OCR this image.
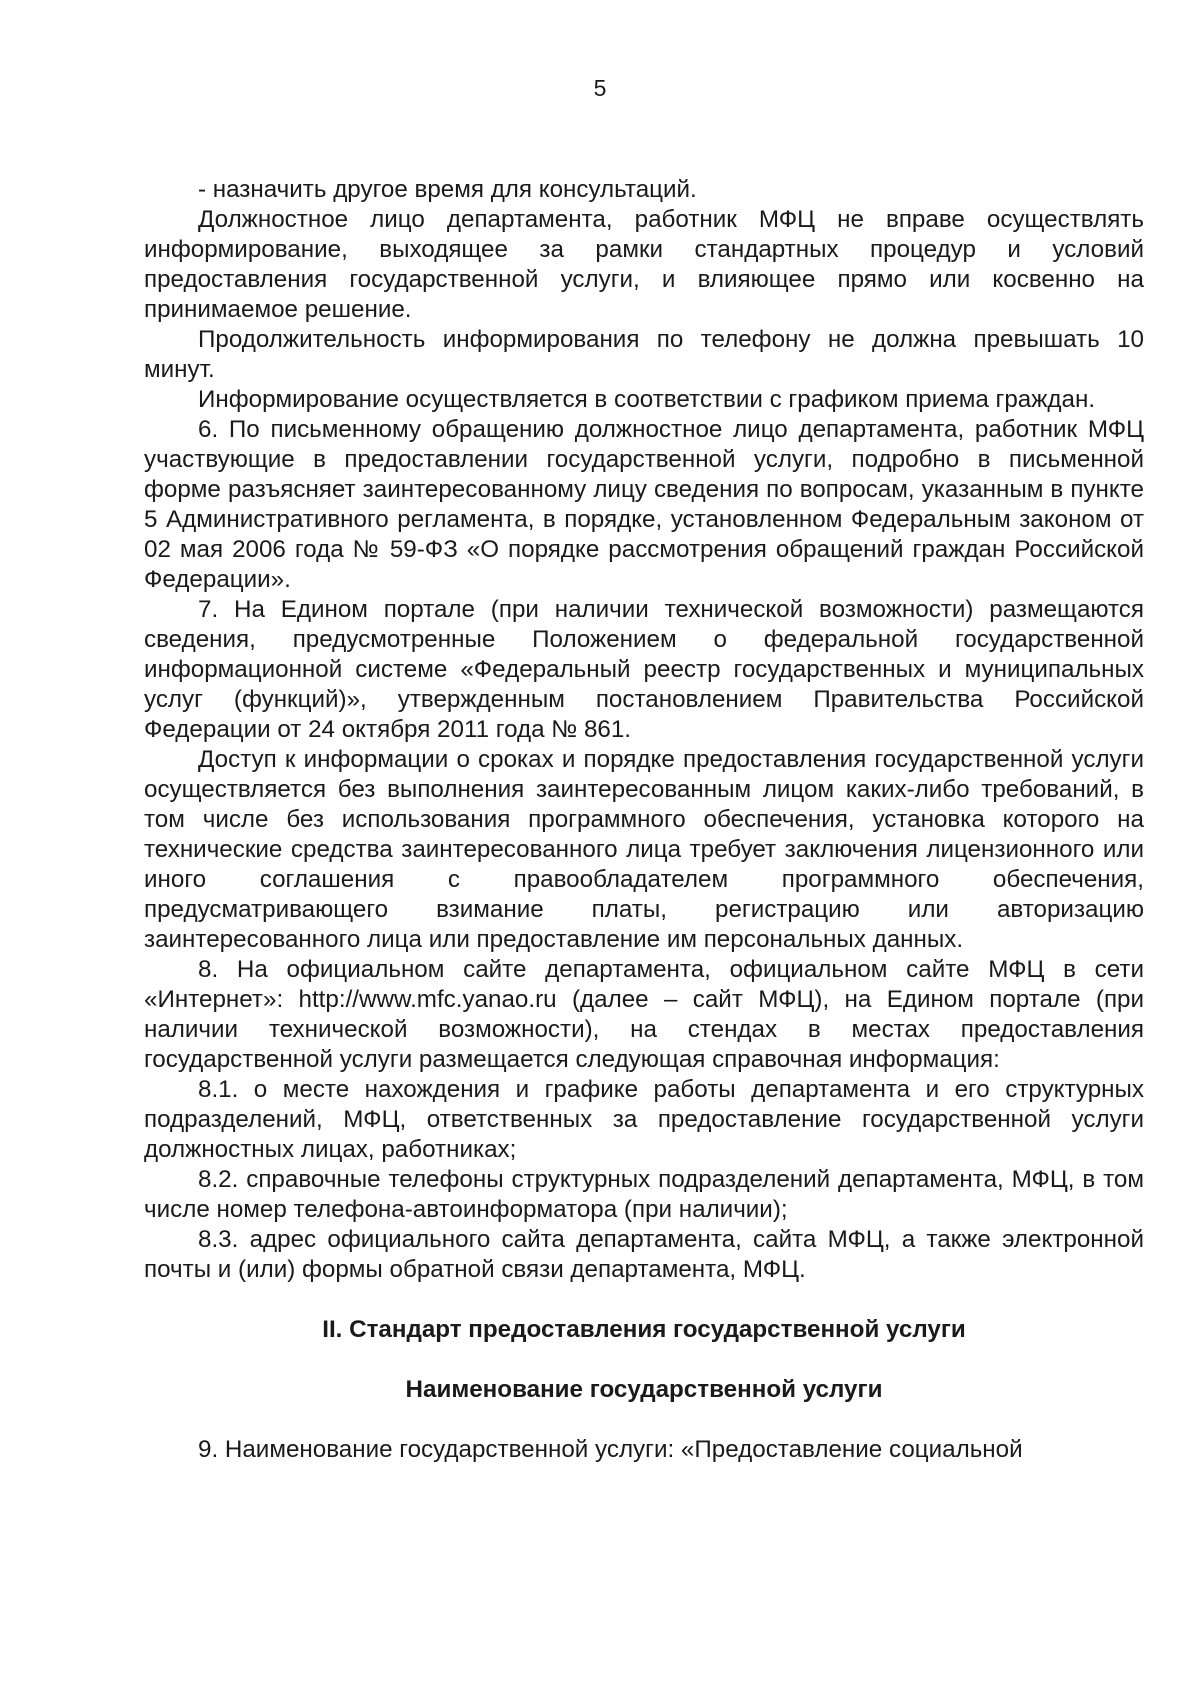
5

- назначить другое время для консультаций.

Должностное лицо департамента, работник МФЦ не вправе осуществлять информирование, выходящее за рамки стандартных процедур и условий предоставления государственной услуги, и влияющее прямо или косвенно на принимаемое решение.

Продолжительность информирования по телефону не должна превышать 10 минут.

Информирование осуществляется в соответствии с графиком приема граждан.

6. По письменному обращению должностное лицо департамента, работник МФЦ участвующие в предоставлении государственной услуги, подробно в письменной форме разъясняет заинтересованному лицу сведения по вопросам, указанным в пункте 5 Административного регламента, в порядке, установленном Федеральным законом от 02 мая 2006 года № 59-ФЗ «О порядке рассмотрения обращений граждан Российской Федерации».

7. На Едином портале (при наличии технической возможности) размещаются сведения, предусмотренные Положением о федеральной государственной информационной системе «Федеральный реестр государственных и муниципальных услуг (функций)», утвержденным постановлением Правительства Российской Федерации от 24 октября 2011 года № 861.

Доступ к информации о сроках и порядке предоставления государственной услуги осуществляется без выполнения заинтересованным лицом каких-либо требований, в том числе без использования программного обеспечения, установка которого на технические средства заинтересованного лица требует заключения лицензионного или иного соглашения с правообладателем программного обеспечения, предусматривающего взимание платы, регистрацию или авторизацию заинтересованного лица или предоставление им персональных данных.

8. На официальном сайте департамента, официальном сайте МФЦ в сети «Интернет»: http://www.mfc.yanao.ru (далее – сайт МФЦ), на Едином портале (при наличии технической возможности), на стендах в местах предоставления государственной услуги размещается следующая справочная информация:

8.1. о месте нахождения и графике работы департамента и его структурных подразделений, МФЦ, ответственных за предоставление государственной услуги должностных лицах, работниках;

8.2. справочные телефоны структурных подразделений департамента, МФЦ, в том числе номер телефона-автоинформатора (при наличии);

8.3. адрес официального сайта департамента, сайта МФЦ, а также электронной почты и (или) формы обратной связи департамента, МФЦ.

II. Стандарт предоставления государственной услуги
Наименование государственной услуги

9. Наименование государственной услуги: «Предоставление социальной
